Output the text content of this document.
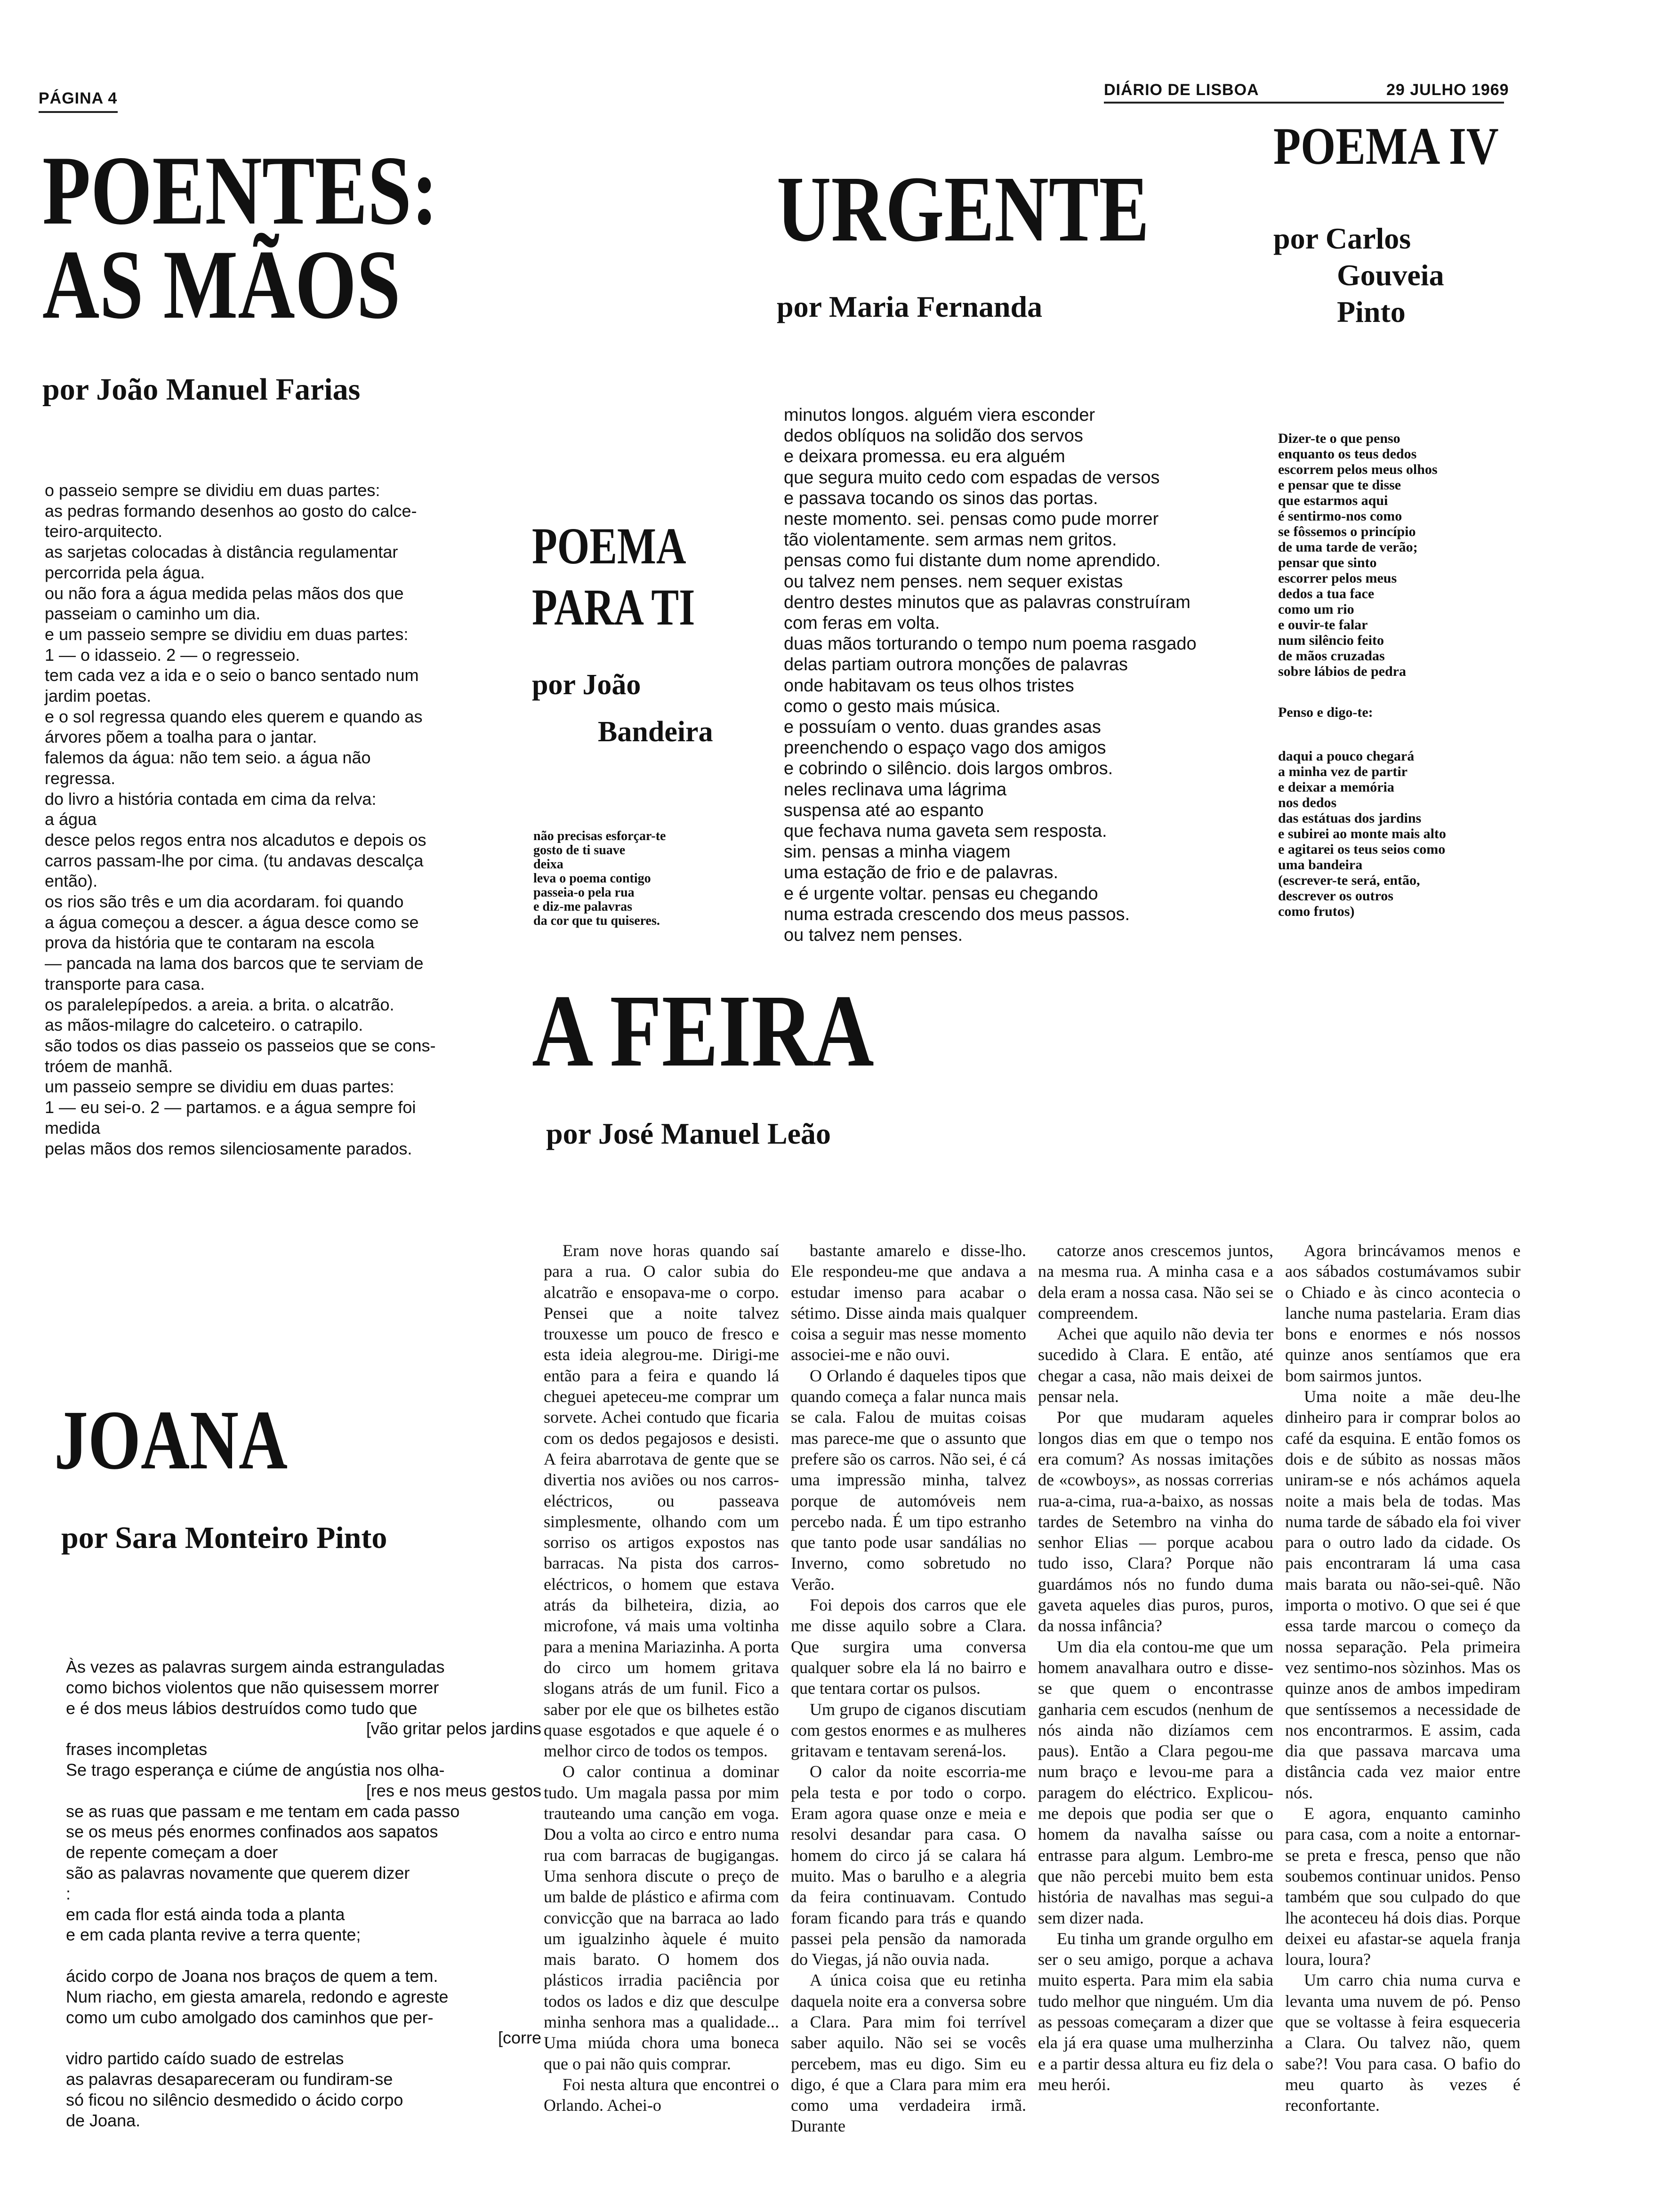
PÁGINA 4	DIÁRIO DE LISBOA	29 JULHO 1969
POENTES:
AS MÃOS
por João Manuel Farias
o passeio sempre se dividiu em duas partes:
as pedras formando desenhos ao gosto do calce-
teiro-arquitecto.
as sarjetas colocadas à distância regulamentar
percorrida pela água.
ou não fora a água medida pelas mãos dos que
passeiam o caminho um dia.
e um passeio sempre se dividiu em duas partes:
1 — o idasseio. 2 — o regresseio.
tem cada vez a ida e o seio o banco sentado num
jardim poetas.
e o sol regressa quando eles querem e quando as
árvores põem a toalha para o jantar.
falemos da água: não tem seio. a água não
regressa.
do livro a história contada em cima da relva:
a água
desce pelos regos entra nos alcadutos e depois os
carros passam-lhe por cima. (tu andavas descalça
então).
os rios são três e um dia acordaram. foi quando
a água começou a descer. a água desce como se
prova da história que te contaram na escola
— pancada na lama dos barcos que te serviam de
transporte para casa.
os paralelepípedos. a areia. a brita. o alcatrão.
as mãos-milagre do calceteiro. o catrapilo.
são todos os dias passeio os passeios que se cons-
tróem de manhã.
um passeio sempre se dividiu em duas partes:
1 — eu sei-o. 2 — partamos. e a água sempre foi
medida
pelas mãos dos remos silenciosamente parados.
POEMA
PARA TI
por João
Bandeira
não precisas esforçar-te
gosto de ti suave
deixa
leva o poema contigo
passeia-o pela rua
e diz-me palavras
da cor que tu quiseres.
URGENTE
por Maria Fernanda
minutos longos. alguém viera esconder
dedos oblíquos na solidão dos servos
e deixara promessa. eu era alguém
que segura muito cedo com espadas de versos
e passava tocando os sinos das portas.
neste momento. sei. pensas como pude morrer
tão violentamente. sem armas nem gritos.
pensas como fui distante dum nome aprendido.
ou talvez nem penses. nem sequer existas
dentro destes minutos que as palavras construíram
com feras em volta.
duas mãos torturando o tempo num poema rasgado
delas partiam outrora monções de palavras
onde habitavam os teus olhos tristes
como o gesto mais música.
e possuíam o vento. duas grandes asas
preenchendo o espaço vago dos amigos
e cobrindo o silêncio. dois largos ombros.
neles reclinava uma lágrima
suspensa até ao espanto
que fechava numa gaveta sem resposta.
sim. pensas a minha viagem
uma estação de frio e de palavras.
e é urgente voltar. pensas eu chegando
numa estrada crescendo dos meus passos.
ou talvez nem penses.
POEMA IV
por Carlos
Gouveia
Pinto
Dizer-te o que penso
enquanto os teus dedos
escorrem pelos meus olhos
e pensar que te disse
que estarmos aqui
é sentirmo-nos como
se fôssemos o princípio
de uma tarde de verão;
pensar que sinto
escorrer pelos meus
dedos a tua face
como um rio
e ouvir-te falar
num silêncio feito
de mãos cruzadas
sobre lábios de pedra
Penso e digo-te:
daqui a pouco chegará
a minha vez de partir
e deixar a memória
nos dedos
das estátuas dos jardins
e subirei ao monte mais alto
e agitarei os teus seios como
uma bandeira
(escrever-te será, então,
descrever os outros
como frutos)
A FEIRA
por José Manuel Leão

Eram nove horas quando saí para a rua. O calor subia do alcatrão e ensopava-me o corpo. Pensei que a noite talvez trouxesse um pouco de fresco e esta ideia alegrou-me. Dirigi-me então para a feira e quando lá cheguei apeteceu-me comprar um sorvete. Achei contudo que ficaria com os dedos pegajosos e desisti. A feira abarrotava de gente que se divertia nos aviões ou nos carros-eléctricos, ou passeava simplesmente, olhando com um sorriso os artigos expostos nas barracas. Na pista dos carros-eléctricos, o homem que estava atrás da bilheteira, dizia, ao microfone, vá mais uma voltinha para a menina Mariazinha. A porta do circo um homem gritava slogans atrás de um funil. Fico a saber por ele que os bilhetes estão quase esgotados e que aquele é o melhor circo de todos os tempos.

O calor continua a dominar tudo. Um magala passa por mim trauteando uma canção em voga. Dou a volta ao circo e entro numa rua com barracas de bugigangas. Uma senhora discute o preço de um balde de plástico e afirma com convicção que na barraca ao lado um igualzinho àquele é muito mais barato. O homem dos plásticos irradia paciência por todos os lados e diz que desculpe minha senhora mas a qualidade... Uma miúda chora uma boneca que o pai não quis comprar.

Foi nesta altura que encontrei o Orlando. Achei-o

bastante amarelo e disse-lho. Ele respondeu-me que andava a estudar imenso para acabar o sétimo. Disse ainda mais qualquer coisa a seguir mas nesse momento associei-me e não ouvi.

O Orlando é daqueles tipos que quando começa a falar nunca mais se cala. Falou de muitas coisas mas parece-me que o assunto que prefere são os carros. Não sei, é cá uma impressão minha, talvez porque de automóveis nem percebo nada. É um tipo estranho que tanto pode usar sandálias no Inverno, como sobretudo no Verão.

Foi depois dos carros que ele me disse aquilo sobre a Clara. Que surgira uma conversa qualquer sobre ela lá no bairro e que tentara cortar os pulsos.

Um grupo de ciganos discutiam com gestos enormes e as mulheres gritavam e tentavam serená-los.

O calor da noite escorria-me pela testa e por todo o corpo. Eram agora quase onze e meia e resolvi desandar para casa. O homem do circo já se calara há muito. Mas o barulho e a alegria da feira continuavam. Contudo foram ficando para trás e quando passei pela pensão da namorada do Viegas, já não ouvia nada.

A única coisa que eu retinha daquela noite era a conversa sobre a Clara. Para mim foi terrível saber aquilo. Não sei se vocês percebem, mas eu digo. Sim eu digo, é que a Clara para mim era como uma verdadeira irmã. Durante

catorze anos crescemos juntos, na mesma rua. A minha casa e a dela eram a nossa casa. Não sei se compreendem.

Achei que aquilo não devia ter sucedido à Clara. E então, até chegar a casa, não mais deixei de pensar nela.

Por que mudaram aqueles longos dias em que o tempo nos era comum? As nossas imitações de «cowboys», as nossas correrias rua-a-cima, rua-a-baixo, as nossas tardes de Setembro na vinha do senhor Elias — porque acabou tudo isso, Clara? Porque não guardámos nós no fundo duma gaveta aqueles dias puros, puros, da nossa infância?

Um dia ela contou-me que um homem anavalhara outro e disse-se que quem o encontrasse ganharia cem escudos (nenhum de nós ainda não dizíamos cem paus). Então a Clara pegou-me num braço e levou-me para a paragem do eléctrico. Explicou-me depois que podia ser que o homem da navalha saísse ou entrasse para algum. Lembro-me que não percebi muito bem esta história de navalhas mas segui-a sem dizer nada.

Eu tinha um grande orgulho em ser o seu amigo, porque a achava muito esperta. Para mim ela sabia tudo melhor que ninguém. Um dia as pessoas começaram a dizer que ela já era quase uma mulherzinha e a partir dessa altura eu fiz dela o meu herói.

Agora brincávamos menos e aos sábados costumávamos subir o Chiado e às cinco acontecia o lanche numa pastelaria. Eram dias bons e enormes e nós nossos quinze anos sentíamos que era bom sairmos juntos.

Uma noite a mãe deu-lhe dinheiro para ir comprar bolos ao café da esquina. E então fomos os dois e de súbito as nossas mãos uniram-se e nós achámos aquela noite a mais bela de todas. Mas numa tarde de sábado ela foi viver para o outro lado da cidade. Os pais encontraram lá uma casa mais barata ou não-sei-quê. Não importa o motivo. O que sei é que essa tarde marcou o começo da nossa separação. Pela primeira vez sentimo-nos sòzinhos. Mas os quinze anos de ambos impediram que sentíssemos a necessidade de nos encontrarmos. E assim, cada dia que passava marcava uma distância cada vez maior entre nós.

E agora, enquanto caminho para casa, com a noite a entornar-se preta e fresca, penso que não soubemos continuar unidos. Penso também que sou culpado do que lhe aconteceu há dois dias. Porque deixei eu afastar-se aquela franja loura, loura?

Um carro chia numa curva e levanta uma nuvem de pó. Penso que se voltasse à feira esqueceria a Clara. Ou talvez não, quem sabe?! Vou para casa. O bafio do meu quarto às vezes é reconfortante.

JOANA
por Sara Monteiro Pinto
Às vezes as palavras surgem ainda estranguladas
como bichos violentos que não quisessem morrer
e é dos meus lábios destruídos como tudo que
[vão gritar pelos jardins
frases incompletas
Se trago esperança e ciúme de angústia nos olha-
[res e nos meus gestos
se as ruas que passam e me tentam em cada passo
se os meus pés enormes confinados aos sapatos
de repente começam a doer
são as palavras novamente que querem dizer
:
em cada flor está ainda toda a planta
e em cada planta revive a terra quente;

ácido corpo de Joana nos braços de quem a tem.
Num riacho, em giesta amarela, redondo e agreste
como um cubo amolgado dos caminhos que per-
[corre
vidro partido caído suado de estrelas
as palavras desapareceram ou fundiram-se
só ficou no silêncio desmedido o ácido corpo
de Joana.
